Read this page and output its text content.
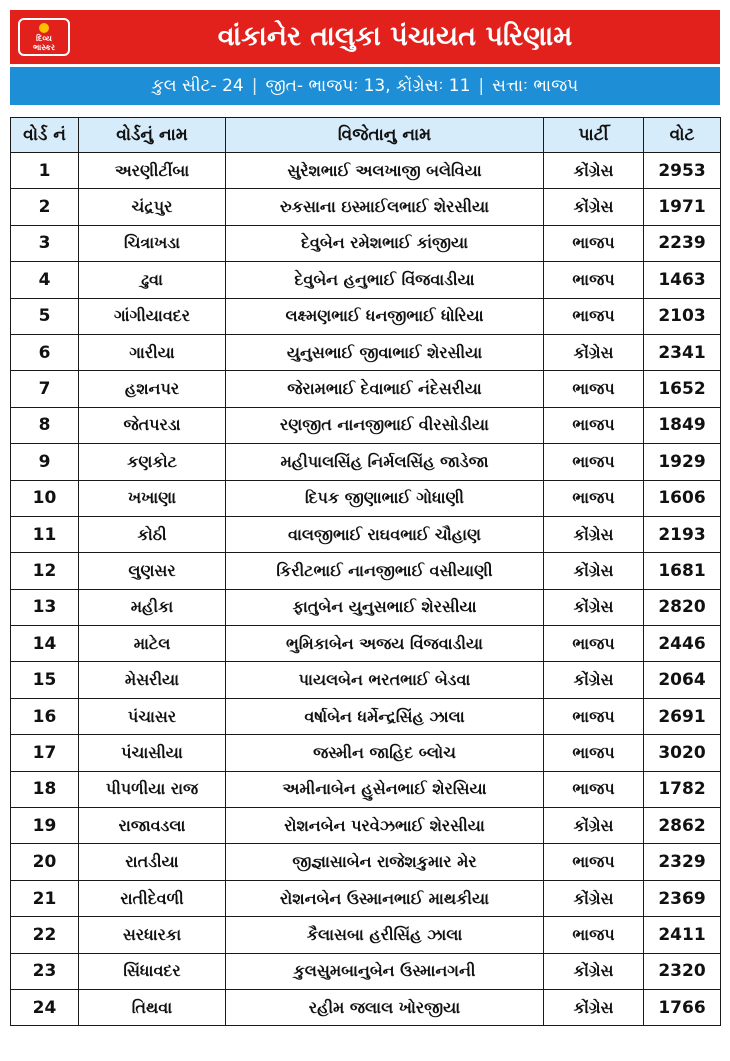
દિવ્ય
ભાસ્કર	વાંકાનેર તાલુકા પંચાયત પરિણામ
કુલ સીટ- 24 | જીત- ભાજપઃ 13, કોંગ્રેસઃ 11 | સત્તાઃ ભાજપ
વોર્ડ નં	વોર્ડનું નામ	વિજેતાનુ નામ	પાર્ટી	વોટ
1	અરણીટીંબા	સુરેશભાઈ અલખાજી બલેવિયા	કોંગ્રેસ	2953
2	ચંદ્રપુર	રુકસાના ઇસ્માઈલભાઈ શેરસીયા	કોંગ્રેસ	1971
3	ચિત્રાખડા	દેવુબેન રમેશભાઈ કાંજીયા	ભાજપ	2239
4	ઢુવા	દેવુબેન હનુભાઈ વિંજવાડીયા	ભાજપ	1463
5	ગાંગીયાવદર	લક્ષ્મણભાઈ ધનજીભાઈ ધોરિયા	ભાજપ	2103
6	ગારીયા	યુનુસભાઈ જીવાભાઈ શેરસીયા	કોંગ્રેસ	2341
7	હશનપર	જેરામભાઈ દેવાભાઈ નંદેસરીયા	ભાજપ	1652
8	જેતપરડા	રણજીત નાનજીભાઈ વીરસોડીયા	ભાજપ	1849
9	કણકોટ	મહીપાલસિંહ નિર્મલસિંહ જાડેજા	ભાજપ	1929
10	ખખાણા	દિપક જીણાભાઈ ગોધાણી	ભાજપ	1606
11	કોઠી	વાલજીભાઈ રાઘવભાઈ ચૌહાણ	કોંગ્રેસ	2193
12	લુણસર	કિરીટભાઈ નાનજીભાઈ વસીયાણી	કોંગ્રેસ	1681
13	મહીકા	ફાતુબેન યુનુસભાઈ શેરસીયા	કોંગ્રેસ	2820
14	માટેલ	ભુમિકાબેન અજય વિંજવાડીયા	ભાજપ	2446
15	મેસરીયા	પાયલબેન ભરતભાઈ બેડવા	કોંગ્રેસ	2064
16	પંચાસર	વર્ષાબેન ધર્મેન્દ્રસિંહ ઝાલા	ભાજપ	2691
17	પંચાસીયા	જસ્મીન જાહિદ બ્લોચ	ભાજપ	3020
18	પીપળીયા રાજ	અમીનાબેન હુસેનભાઈ શેરસિયા	ભાજપ	1782
19	રાજાવડલા	રોશનબેન પરવેઝભાઈ શેરસીયા	કોંગ્રેસ	2862
20	રાતડીયા	જીજ્ઞાસાબેન રાજેશકુમાર મેર	ભાજપ	2329
21	રાતીદેવળી	રોશનબેન ઉસ્માનભાઈ માથકીયા	કોંગ્રેસ	2369
22	સરધારકા	કૈલાસબા હરીસિંહ ઝાલા	ભાજપ	2411
23	સિંધાવદર	કુલસુમબાનુબેન ઉસ્માનગની	કોંગ્રેસ	2320
24	તિથવા	રહીમ જલાલ ખોરજીયા	કોંગ્રેસ	1766
